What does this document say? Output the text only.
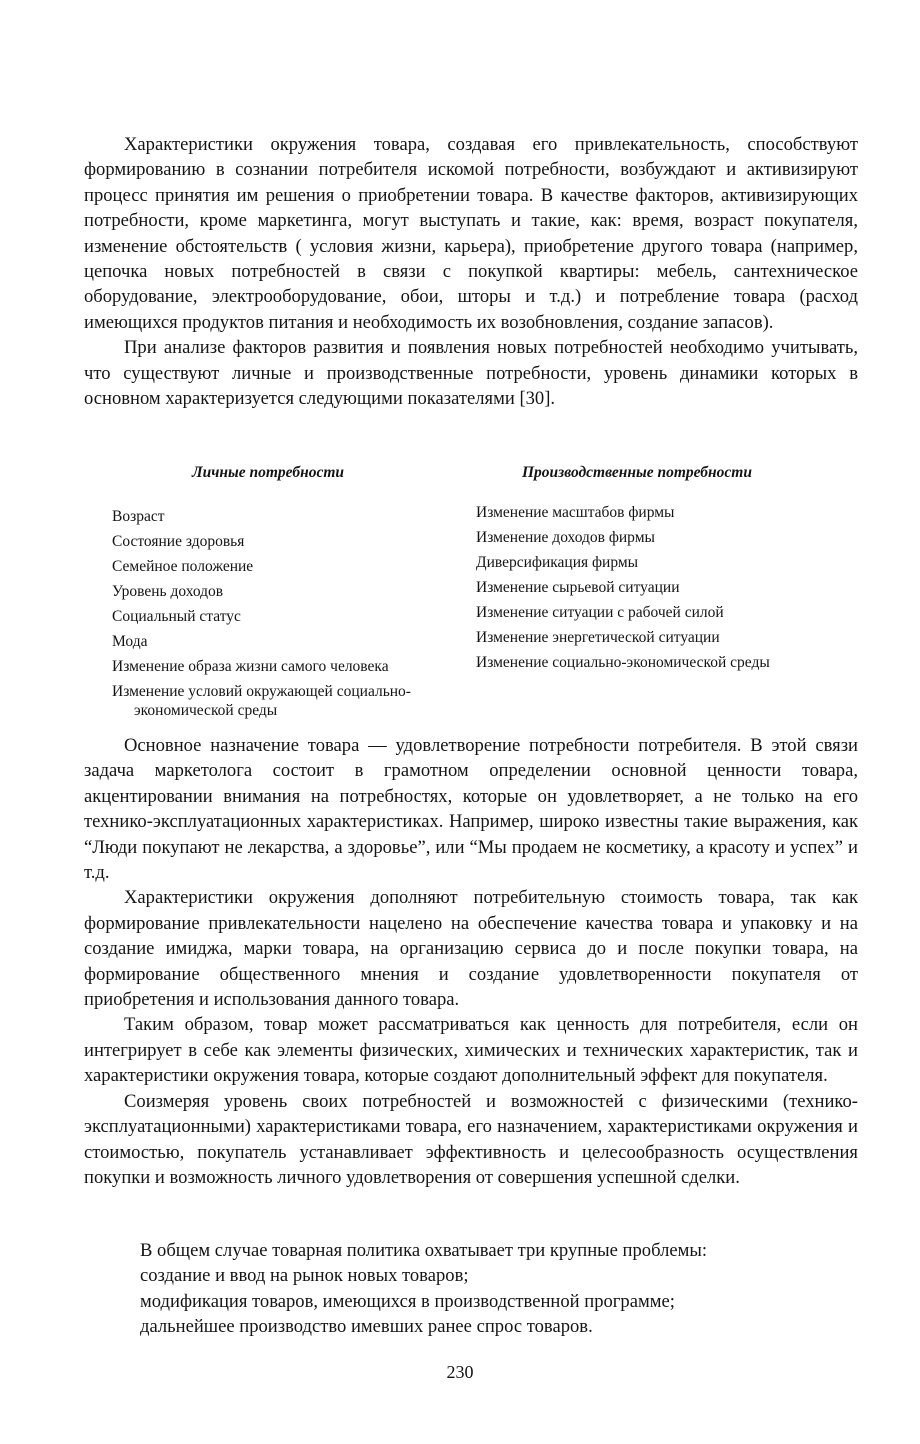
Характеристики окружения товара, создавая его привлекательность, способствуют формированию в сознании потребителя искомой потребности, возбуждают и активизируют процесс принятия им решения о приобретении товара. В качестве факторов, активизирующих потребности, кроме маркетинга, могут выступать и такие, как: время, возраст покупателя, изменение обстоятельств ( условия жизни, карьера), приобретение другого товара (например, цепочка новых потребностей в связи с покупкой квартиры: мебель, сантехническое оборудование, электрооборудование, обои, шторы и т.д.) и потребление товара (расход имеющихся продуктов питания и необходимость их возобновления, создание запасов).

При анализе факторов развития и появления новых потребностей необходимо учитывать, что существуют личные и производственные потребности, уровень динамики которых в основном характеризуется следующими показателями [30].

Личные потребности
Возраст
Состояние здоровья
Семейное положение
Уровень доходов
Социальный статус
Мода
Изменение образа жизни самого человека
Изменение условий окружающей социально-экономической среды
Производственные потребности
Изменение масштабов фирмы
Изменение доходов фирмы
Диверсификация фирмы
Изменение сырьевой ситуации
Изменение ситуации с рабочей силой
Изменение энергетической ситуации
Изменение социально-экономической среды

Основное назначение товара — удовлетворение потребности потребителя. В этой связи задача маркетолога состоит в грамотном определении основной ценности товара, акцентировании внимания на потребностях, которые он удовлетворяет, а не только на его технико-эксплуатационных характеристиках. Например, широко известны такие выражения, как “Люди покупают не лекарства, а здоровье”, или “Мы продаем не косметику, а красоту и успех” и т.д.

Характеристики окружения дополняют потребительную стоимость товара, так как формирование привлекательности нацелено на обеспечение качества товара и упаковку и на создание имиджа, марки товара, на организацию сервиса до и после покупки товара, на формирование общественного мнения и создание удовлетворенности покупателя от приобретения и использования данного товара.

Таким образом, товар может рассматриваться как ценность для потребителя, если он интегрирует в себе как элементы физических, химических и технических характеристик, так и характеристики окружения товара, которые создают дополнительный эффект для покупателя.

Соизмеряя уровень своих потребностей и возможностей с физическими (технико-эксплуатационными) характеристиками товара, его назначением, характеристиками окружения и стоимостью, покупатель устанавливает эффективность и целесообразность осуществления покупки и возможность личного удовлетворения от совершения успешной сделки.

В общем случае товарная политика охватывает три крупные проблемы:
создание и ввод на рынок новых товаров;
модификация товаров, имеющихся в производственной программе;
дальнейшее производство имевших ранее спрос товаров.
230
